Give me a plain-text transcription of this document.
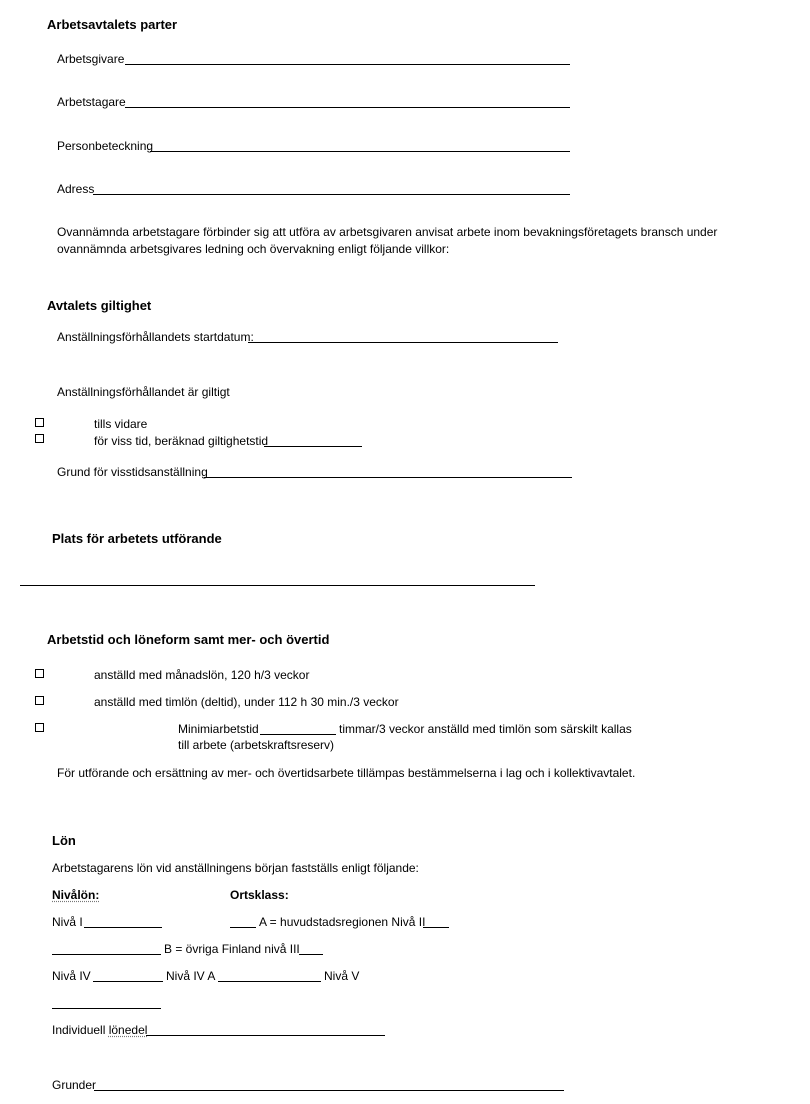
Arbetsavtalets parter
Arbetsgivare
Arbetstagare
Personbeteckning
Adress
Ovannämnda arbetstagare förbinder sig att utföra av arbetsgivaren anvisat arbete inom bevakningsföretagets bransch under ovannämnda arbetsgivares ledning och övervakning enligt följande villkor:
Avtalets giltighet
Anställningsförhållandets startdatum:
Anställningsförhållandet är giltigt
tills vidare
för viss tid, beräknad giltighetstid
Grund för visstidsanställning
Plats för arbetets utförande
Arbetstid och löneform samt mer- och övertid
anställd med månadslön, 120 h/3 veckor
anställd med timlön (deltid), under 112 h 30 min./3 veckor
Minimiarbetstid	timmar/3 veckor anställd med timlön som särskilt kallas
till arbete (arbetskraftsreserv)
För utförande och ersättning av mer- och övertidsarbete tillämpas bestämmelserna i lag och i kollektivavtalet.
Lön
Arbetstagarens lön vid anställningens början fastställs enligt följande:
Nivålön:	Ortsklass:
Nivå I	A = huvudstadsregionen Nivå II
B = övriga Finland nivå III
Nivå IV	Nivå IV A	Nivå V
Individuell lönedel
Grunder
